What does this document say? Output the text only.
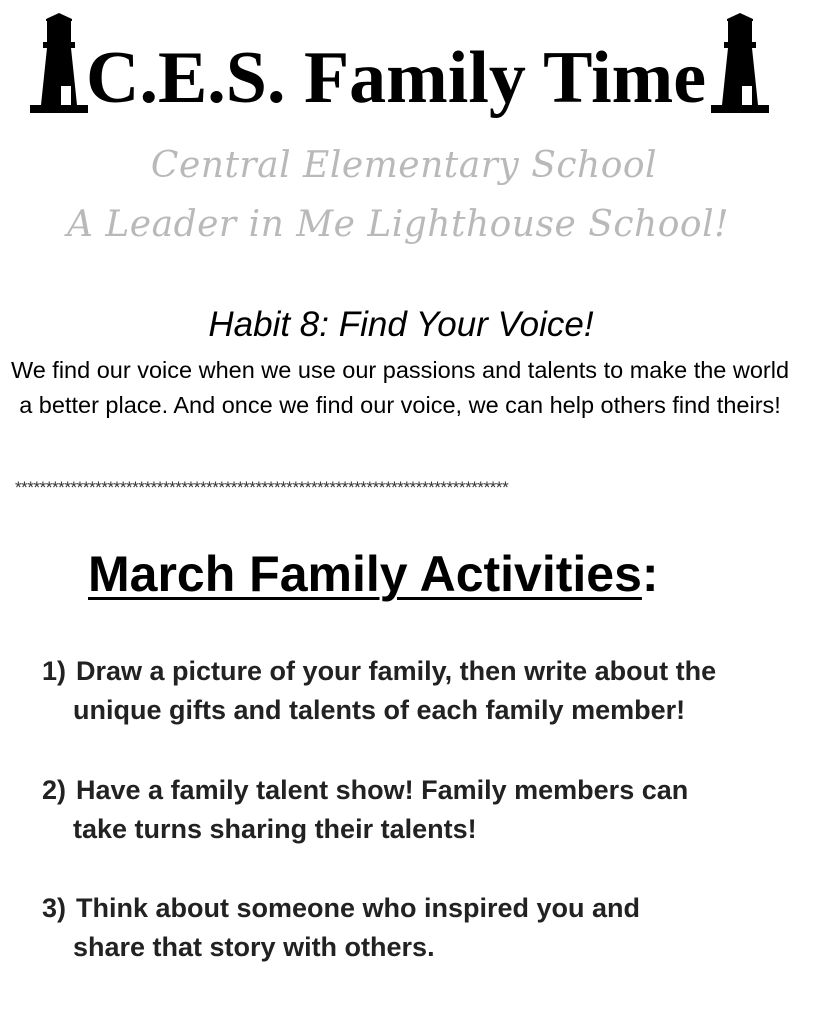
C.E.S. Family Time
Central Elementary School
A Leader in Me Lighthouse School!
Habit 8: Find Your Voice!
We find our voice when we use our passions and talents to make the world a better place. And once we find our voice, we can help others find theirs!
********************************************************************************
March Family Activities:
1) Draw a picture of your family, then write about the
unique gifts and talents of each family member!
2) Have a family talent show! Family members can
take turns sharing their talents!
3) Think about someone who inspired you and
share that story with others.
